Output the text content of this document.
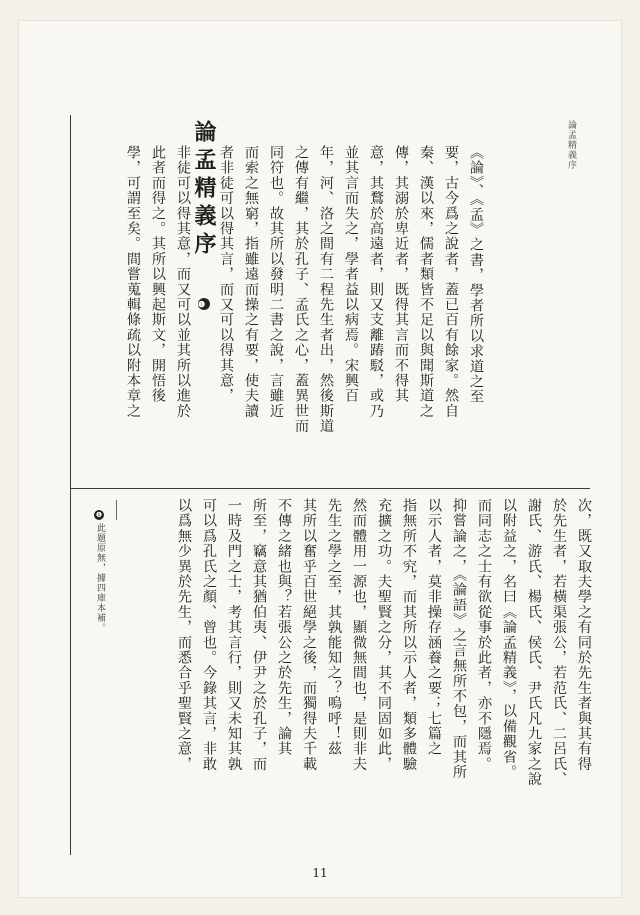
論孟精義序
論孟精義序 ❶	《論》、《孟》之書，學者所以求道之至
要，古今爲之說者，蓋已百有餘家。然自
秦、漢以來，儒者類皆不足以與聞斯道之
傳，其溺於卑近者，既得其言而不得其
意，其鶩於高遠者，則又支離踳駁，或乃
並其言而失之，學者益以病焉。宋興百
年，河、洛之間有二程先生者出，然後斯道
之傳有繼，其於孔子、孟氏之心，蓋異世而
同符也。故其所以發明二書之說，言雖近
而索之無窮，指雖遠而操之有要，使夫讀
者非徒可以得其言，而又可以得其意，
非徒可以得其意，而又可以並其所以進於
此者而得之。其所以興起斯文，開悟後
學，可謂至矣。間嘗蒐輯條疏以附本章之
次，既又取夫學之有同於先生者與其有得
於先生者，若橫渠張公，若范氏、二呂氏、
謝氏、游氏、楊氏、侯氏、尹氏凡九家之說
以附益之，名曰《論孟精義》，以備觀省。
而同志之士有欲從事於此者，亦不隱焉。
抑嘗論之，《論語》之言無所不包，而其所
以示人者，莫非操存涵養之要；七篇之
指無所不究，而其所以示人者，類多體驗
充擴之功。夫聖賢之分，其不同固如此，
然而體用一源也，顯微無間也，是則非夫
先生之學之至，其孰能知之？嗚呼！茲
其所以奮乎百世絕學之後，而獨得夫千載
不傳之緒也與？若張公之於先生，論其
所至，竊意其猶伯夷、伊尹之於孔子，而
一時及門之士，考其言行，則又未知其孰
可以爲孔氏之顏、曾也。今錄其言，非敢
以爲無少異於先生，而悉合乎聖賢之意，
❶
此題原無，據四庫本補。
11
